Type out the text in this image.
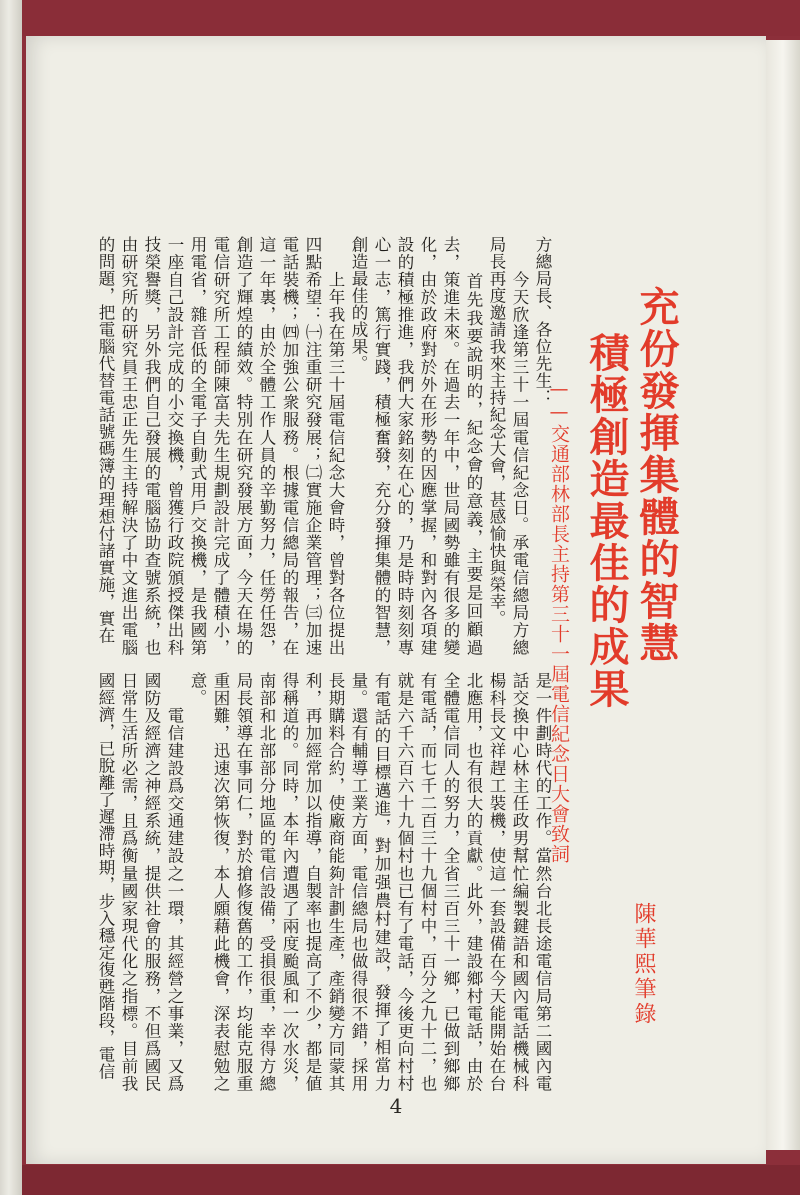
充份發揮集體的智慧
積極創造最佳的成果
——交通部林部長主持第三十一屆電信紀念日大會致詞
陳華熙筆錄

方總局長、各位先生：
　　今天欣逢第三十一屆電信紀念日。承電信總局方總局長再度邀請我來主持紀念大會，甚感愉快與榮幸。
　　首先我要說明的，紀念會的意義，主要是回顧過去，策進未來。在過去一年中，世局國勢雖有很多的變化，由於政府對於外在形勢的因應掌握，和對內各項建設的積極推進，我們大家銘刻在心的，乃是時時刻刻專心一志，篤行實踐，積極奮發，充分發揮集體的智慧，創造最佳的成果。
　　上年我在第三十屆電信紀念大會時，曾對各位提出四點希望：㈠注重研究發展；㈡實施企業管理；㈢加速電話裝機；㈣加強公衆服務。根據電信總局的報告，在這一年裏，由於全體工作人員的辛勤努力，任勞任怨，創造了輝煌的績效。特別在研究發展方面，今天在場的電信研究所工程師陳富夫先生規劃設計完成了體積小，用電省，雜音低的全電子自動式用戶交換機，是我國第一座自己設計完成的小交換機，曾獲行政院頒授傑出科技榮譽獎，另外我們自己發展的電腦協助查號系統，也由研究所的研究員王忠正先生主持解決了中文進出電腦的問題，把電腦代替電話號碼簿的理想付諸實施，實在

是一件劃時代的工作。當然台北長途電信局第二國內電話交換中心林主任政男幫忙編製鍵語和國內電話機械科楊科長文祥趕工裝機，使這一套設備在今天能開始在台北應用，也有很大的貢獻。此外，建設鄉村電話，由於全體電信同人的努力，全省三百三十一鄉，已做到鄉鄉有電話，而七千二百三十九個村中，百分之九十二，也就是六千六百六十九個村也已有了電話，今後更向村村有電話的目標邁進，對加强農村建設，發揮了相當力量。還有輔導工業方面，電信總局也做得很不錯，採用長期購料合約，使廠商能夠計劃生產，產銷變方同蒙其利，再加經常加以指導，自製率也提高了不少，都是値得稱道的。同時，本年內遭遇了兩度颱風和一次水災，南部和北部部分地區的電信設備，受損很重，幸得方總局長領導在事同仁，對於搶修復舊的工作，均能克服重重困難，迅速次第恢復，本人願藉此機會，深表慰勉之意。
　　電信建設爲交通建設之一環，其經營之事業，又爲國防及經濟之神經系統，提供社會的服務，不但爲國民日常生活所必需，且爲衡量國家現代化之指標。目前我國經濟，已脫離了遲滯時期，步入穩定復甦階段，電信

4
